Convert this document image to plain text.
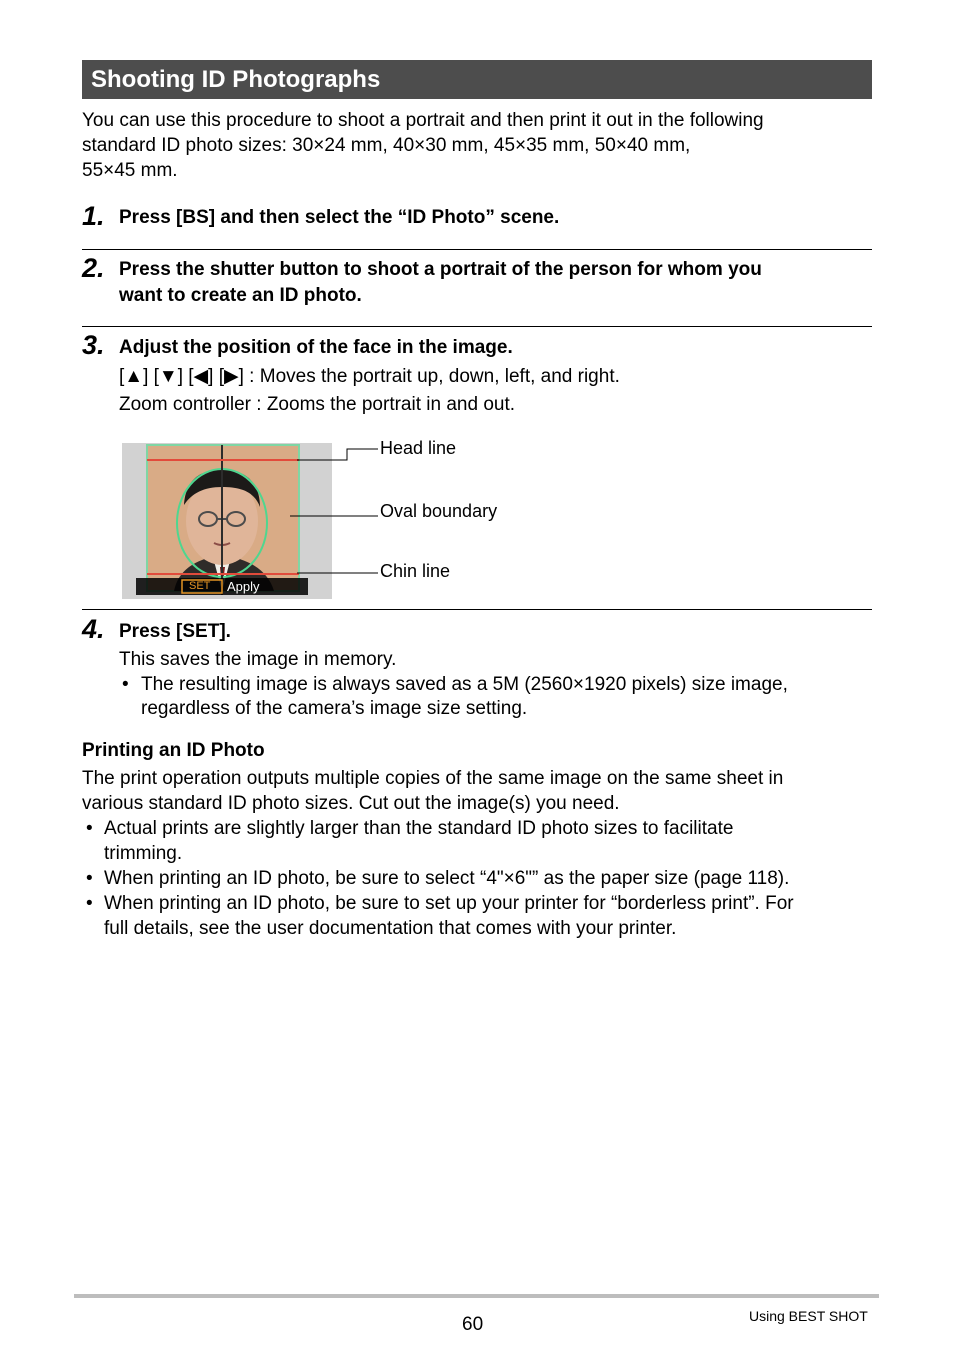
Shooting ID Photographs
You can use this procedure to shoot a portrait and then print it out in the following
standard ID photo sizes: 30×24 mm, 40×30 mm, 45×35 mm, 50×40 mm,
55×45 mm.
1. Press [BS] and then select the “ID Photo” scene.
2. Press the shutter button to shoot a portrait of the person for whom you
want to create an ID photo.
3. Adjust the position of the face in the image.
[▲] [▼] [◀] [▶] : Moves the portrait up, down, left, and right.
Zoom controller : Zooms the portrait in and out.
SET Apply
Head line
Oval boundary
Chin line
4. Press [SET].
This saves the image in memory.
• The resulting image is always saved as a 5M (2560×1920 pixels) size image,
regardless of the camera’s image size setting.
Printing an ID Photo
The print operation outputs multiple copies of the same image on the same sheet in
various standard ID photo sizes. Cut out the image(s) you need.
• Actual prints are slightly larger than the standard ID photo sizes to facilitate
trimming.
• When printing an ID photo, be sure to select “4"×6"” as the paper size (page 118).
• When printing an ID photo, be sure to set up your printer for “borderless print”. For
full details, see the user documentation that comes with your printer.
60	Using BEST SHOT
